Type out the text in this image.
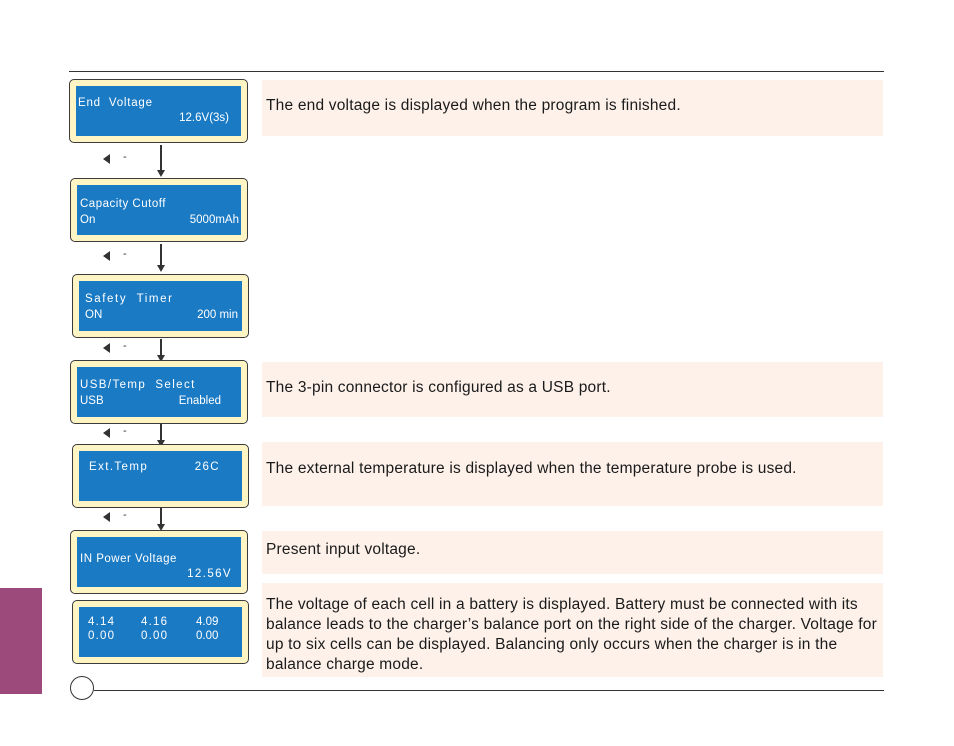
End  Voltage
12.6V(3s)
-
Capacity Cutoff
On	5000mAh
-
Safety  Timer
ON	200 min
-
USB/Temp  Select
USB	Enabled
-
Ext.Temp	26C
-
IN Power Voltage
12.56V
4.14 4.16 4.09
0.00 0.00 0.00
The end voltage is displayed when the program is finished.
The 3-pin connector is configured as a USB port.
The external temperature is displayed when the temperature probe is used.
Present input voltage.
The voltage of each cell in a battery is displayed. Battery must be connected with its balance leads to the charger’s balance port on the right side of the charger. Voltage for up to six cells can be displayed. Balancing only occurs when the charger is in the balance charge mode.
